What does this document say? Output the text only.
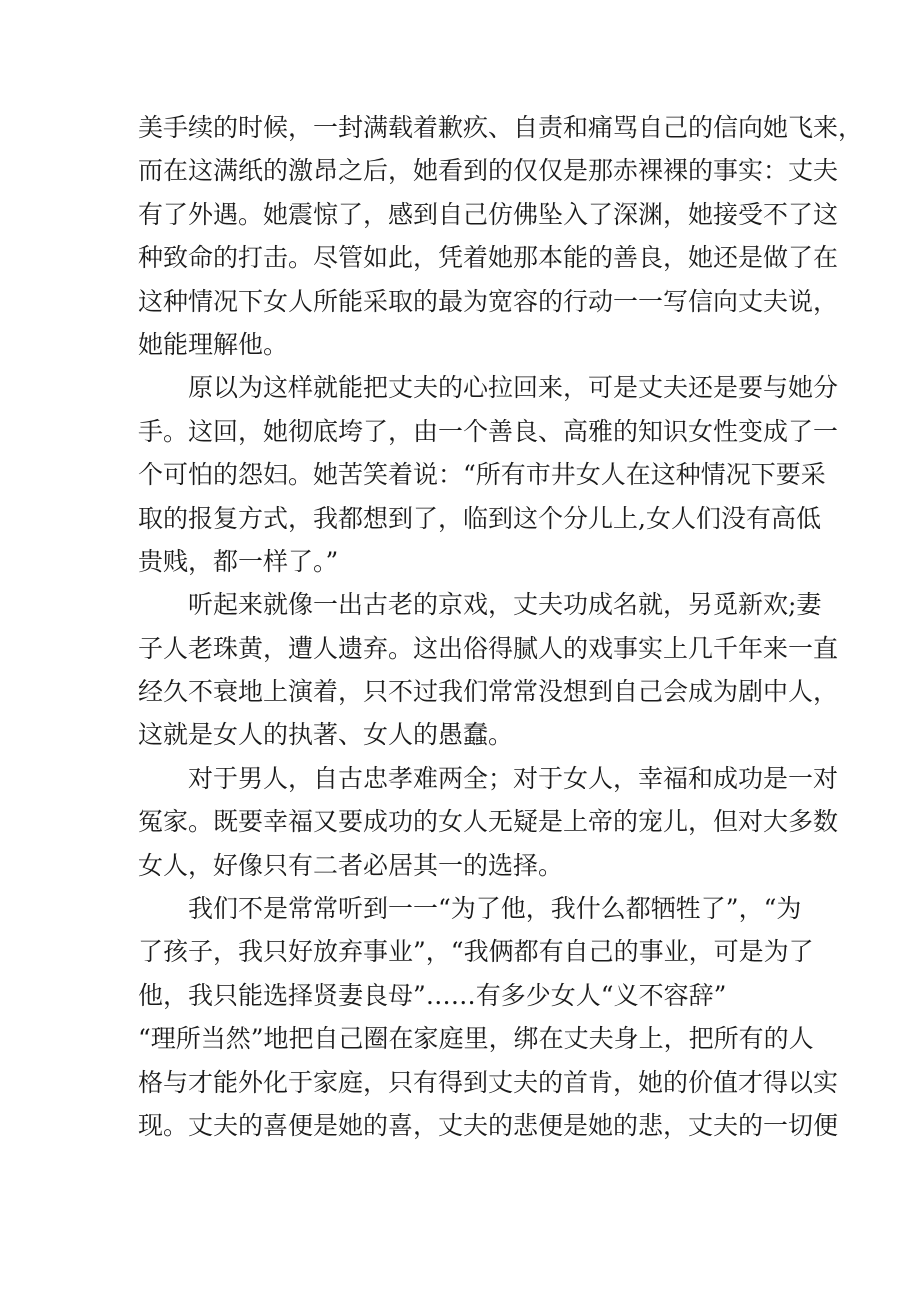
美手续的时候，一封满载着歉疚、自责和痛骂自己的信向她飞来，
而在这满纸的激昂之后，她看到的仅仅是那赤裸裸的事实：丈夫
有了外遇。她震惊了，感到自己仿佛坠入了深渊，她接受不了这
种致命的打击。尽管如此，凭着她那本能的善良，她还是做了在
这种情况下女人所能采取的最为宽容的行动一一写信向丈夫说，
她能理解他。
原以为这样就能把丈夫的心拉回来，可是丈夫还是要与她分
手。这回，她彻底垮了，由一个善良、高雅的知识女性变成了一
个可怕的怨妇。她苦笑着说：“所有市井女人在这种情况下要采
取的报复方式，我都想到了，临到这个分儿上,女人们没有高低
贵贱，都一样了。”
听起来就像一出古老的京戏，丈夫功成名就，另觅新欢;妻
子人老珠黄，遭人遗弃。这出俗得腻人的戏事实上几千年来一直
经久不衰地上演着，只不过我们常常没想到自己会成为剧中人，
这就是女人的执著、女人的愚蠢。
对于男人，自古忠孝难两全；对于女人，幸福和成功是一对
冤家。既要幸福又要成功的女人无疑是上帝的宠儿，但对大多数
女人，好像只有二者必居其一的选择。
我们不是常常听到一一“为了他，我什么都牺牲了”，“为
了孩子，我只好放弃事业”，“我俩都有自己的事业，可是为了
他，我只能选择贤妻良母”……有多少女人“义不容辞”
“理所当然”地把自己圈在家庭里，绑在丈夫身上，把所有的人
格与才能外化于家庭，只有得到丈夫的首肯，她的价值才得以实
现。丈夫的喜便是她的喜，丈夫的悲便是她的悲，丈夫的一切便
